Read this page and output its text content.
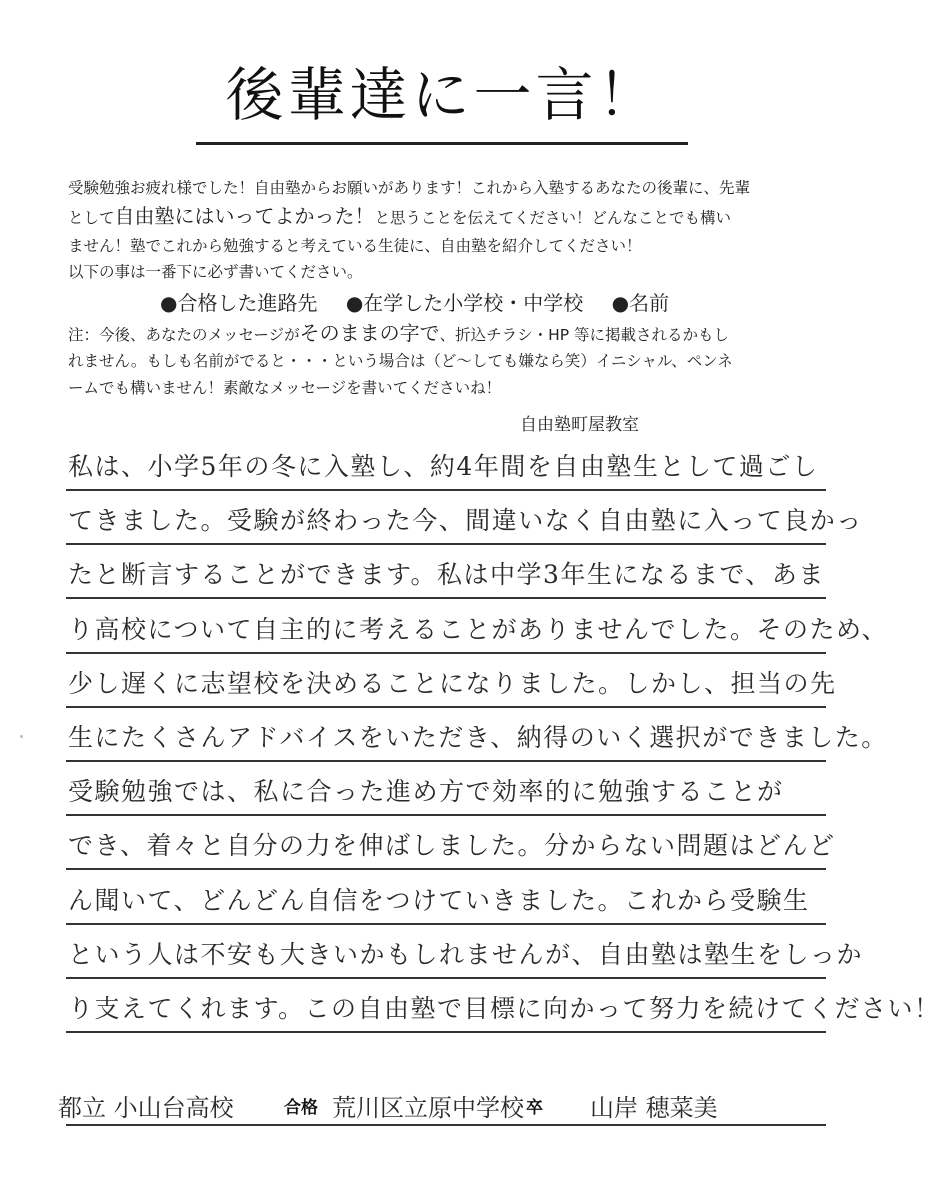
後輩達に一言！
受験勉強お疲れ様でした！自由塾からお願いがあります！これから入塾するあなたの後輩に、先輩
として自由塾にはいってよかった！と思うことを伝えてください！どんなことでも構い
ません！塾でこれから勉強すると考えている生徒に、自由塾を紹介してください！
以下の事は一番下に必ず書いてください。
●合格した進路先 ●在学した小学校・中学校 ●名前
注：今後、あなたのメッセージがそのままの字で、折込チラシ・HP 等に掲載されるかもし
れません。もしも名前がでると・・・という場合は（ど～しても嫌なら笑）イニシャル、ペンネ
ームでも構いません！素敵なメッセージを書いてくださいね！
自由塾町屋教室
私は、小学5年の冬に入塾し、約4年間を自由塾生として過ごし
てきました。受験が終わった今、間違いなく自由塾に入って良かっ
たと断言することができます。私は中学3年生になるまで、あま
り高校について自主的に考えることがありませんでした。そのため、
少し遅くに志望校を決めることになりました。しかし、担当の先
生にたくさんアドバイスをいただき、納得のいく選択ができました。
受験勉強では、私に合った進め方で効率的に勉強することが
でき、着々と自分の力を伸ばしました。分からない問題はどんど
ん聞いて、どんどん自信をつけていきました。これから受験生
という人は不安も大きいかもしれませんが、自由塾は塾生をしっか
り支えてくれます。この自由塾で目標に向かって努力を続けてください！
都立 小山台高校	合格 荒川区立原中学校 卒 山岸 穂菜美
